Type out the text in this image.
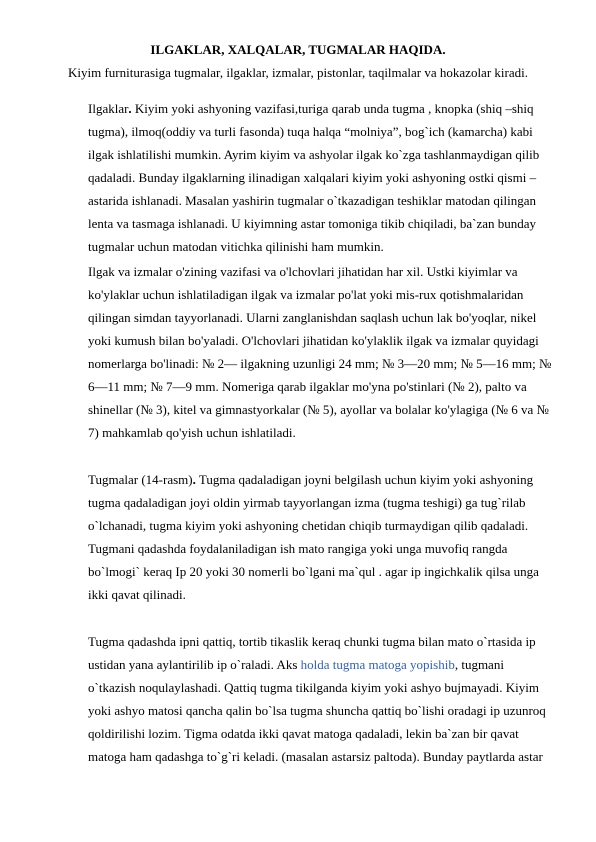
ILGAKLAR, XALQALAR, TUGMALAR HAQIDA.
Kiyim furniturasiga tugmalar, ilgaklar, izmalar, pistonlar, taqilmalar va hokazolar kiradi.
Ilgaklar. Kiyim yoki ashyoning vazifasi,turiga qarab unda tugma , knopka (shiq –shiq
tugma), ilmoq(oddiy va turli fasonda) tuqa halqa “molniya”, bog`ich (kamarcha) kabi
ilgak ishlatilishi mumkin. Ayrim kiyim va ashyolar ilgak ko`zga tashlanmaydigan qilib
qadaladi. Bunday ilgaklarning ilinadigan xalqalari kiyim yoki ashyoning ostki qismi –
astarida ishlanadi. Masalan yashirin tugmalar o`tkazadigan teshiklar matodan qilingan
lenta va tasmaga ishlanadi. U kiyimning astar tomoniga tikib chiqiladi, ba`zan bunday
tugmalar uchun matodan vitichka qilinishi ham mumkin.
Ilgak va izmalar o'zining vazifasi va o'lchovlari jihatidan har xil. Ustki kiyimlar va
ko'ylaklar uchun ishlatiladigan ilgak va izmalar po'lat yoki mis-rux qotishmalaridan
qilingan simdan tayyorlanadi. Ularni zanglanishdan saqlash uchun lak bo'yoqlar, nikel
yoki kumush bilan bo'yaladi. O'lchovlari jihatidan ko'ylaklik ilgak va izmalar quyidagi
nomerlarga bo'linadi: № 2— ilgakning uzunligi 24 mm; № 3—20 mm; № 5—16 mm; №
6—11 mm; № 7—9 mm. Nomeriga qarab ilgaklar mo'yna po'stinlari (№ 2), palto va
shinellar (№ 3), kitel va gimnastyorkalar (№ 5), ayollar va bolalar ko'ylagiga (№ 6 va №
7) mahkamlab qo'yish uchun ishlatiladi.
Tugmalar (14-rasm). Tugma qadaladigan joyni belgilash uchun kiyim yoki ashyoning
tugma qadaladigan joyi oldin yirmab tayyorlangan izma (tugma teshigi) ga tug`rilab
o`lchanadi, tugma kiyim yoki ashyoning chetidan chiqib turmaydigan qilib qadaladi.
Tugmani qadashda foydalaniladigan ish mato rangiga yoki unga muvofiq rangda
bo`lmogi` keraq Ip 20 yoki 30 nomerli bo`lgani ma`qul . agar ip ingichkalik qilsa unga
ikki qavat qilinadi.
Tugma qadashda ipni qattiq, tortib tikaslik keraq chunki tugma bilan mato o`rtasida ip
ustidan yana aylantirilib ip o`raladi. Aks holda tugma matoga yopishib, tugmani
o`tkazish noqulaylashadi. Qattiq tugma tikilganda kiyim yoki ashyo bujmayadi. Kiyim
yoki ashyo matosi qancha qalin bo`lsa tugma shuncha qattiq bo`lishi oradagi ip uzunroq
qoldirilishi lozim. Tigma odatda ikki qavat matoga qadaladi, lekin ba`zan bir qavat
matoga ham qadashga to`g`ri keladi. (masalan astarsiz paltoda). Bunday paytlarda astar
